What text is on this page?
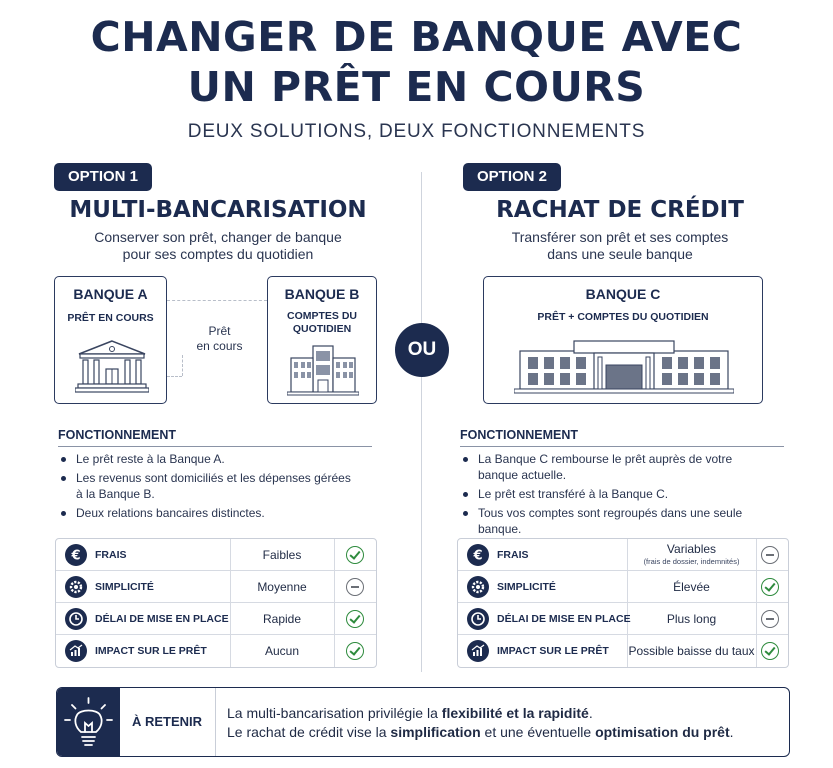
CHANGER DE BANQUE AVEC
UN PRÊT EN COURS
DEUX SOLUTIONS, DEUX FONCTIONNEMENTS
OPTION 1
MULTI-BANCARISATION
Conserver son prêt, changer de banque
pour ses comptes du quotidien
BANQUE A
PRÊT EN COURS
Prêt
en cours
BANQUE B
COMPTES DU
QUOTIDIEN
OU
OPTION 2
RACHAT DE CRÉDIT
Transférer son prêt et ses comptes
dans une seule banque
BANQUE C
PRÊT + COMPTES DU QUOTIDIEN
FONCTIONNEMENT
Le prêt reste à la Banque A.
Les revenus sont domiciliés et les dépenses gérées à la Banque B.
Deux relations bancaires distinctes.
FONCTIONNEMENT
La Banque C rembourse le prêt auprès de votre banque actuelle.
Le prêt est transféré à la Banque C.
Tous vos comptes sont regroupés dans une seule banque.
€ FRAIS	Faibles
SIMPLICITÉ	Moyenne
DÉLAI DE MISE EN PLACE	Rapide
IMPACT SUR LE PRÊT	Aucun
€ FRAIS	Variables
(frais de dossier, indemnités)
SIMPLICITÉ	Élevée
DÉLAI DE MISE EN PLACE	Plus long
IMPACT SUR LE PRÊT Possible baisse du taux
À RETENIR
La multi-bancarisation privilégie la flexibilité et la rapidité.
Le rachat de crédit vise la simplification et une éventuelle optimisation du prêt.
